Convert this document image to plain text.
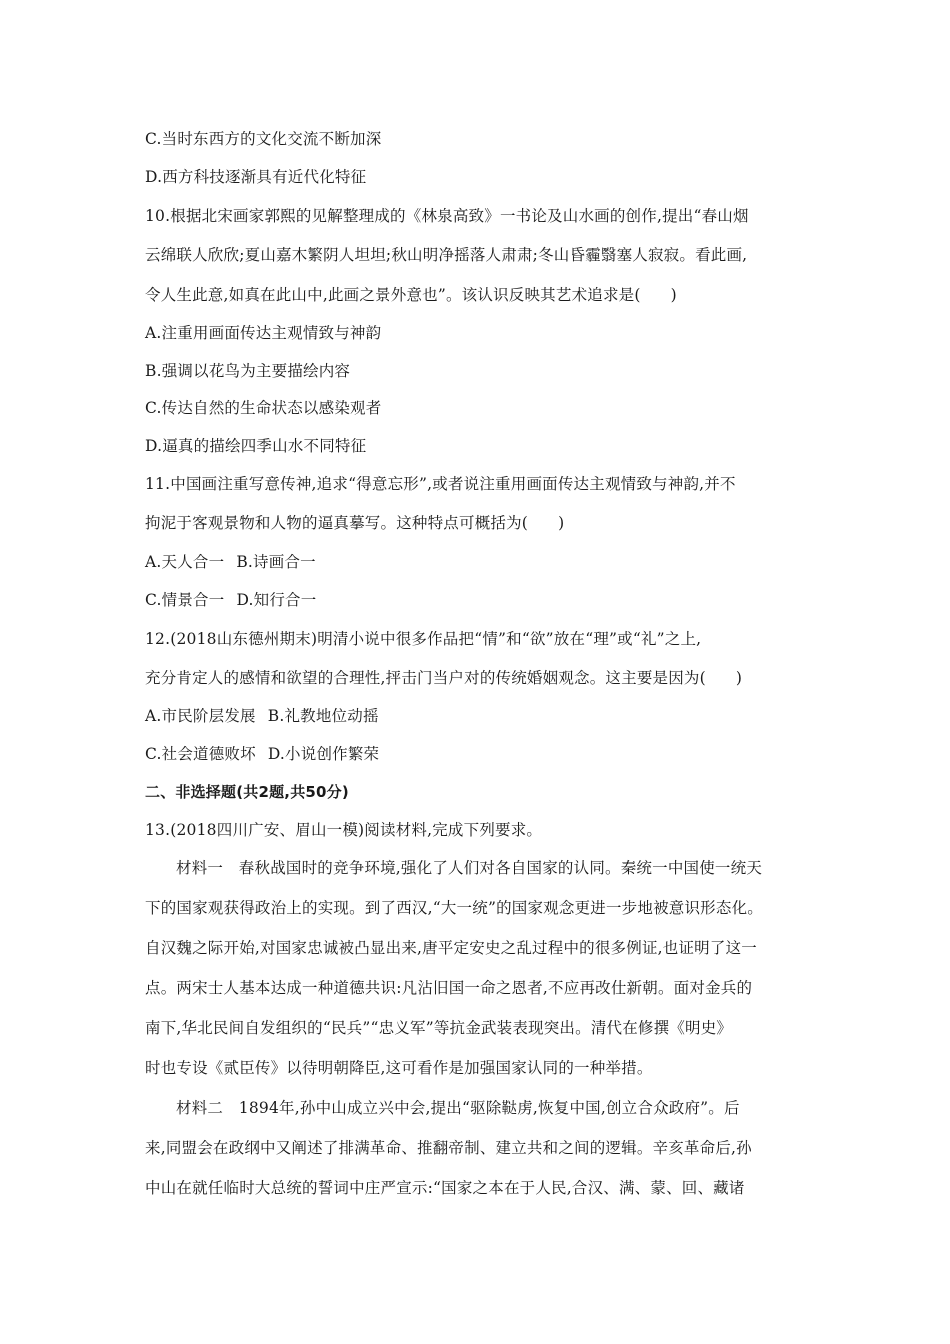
C.当时东西方的文化交流不断加深
D.西方科技逐渐具有近代化特征
10.根据北宋画家郭熙的见解整理成的《林泉高致》一书论及山水画的创作,提出“春山烟
云绵联人欣欣;夏山嘉木繁阴人坦坦;秋山明净摇落人肃肃;冬山昏霾翳塞人寂寂。看此画,
令人生此意,如真在此山中,此画之景外意也”。该认识反映其艺术追求是( )
A.注重用画面传达主观情致与神韵
B.强调以花鸟为主要描绘内容
C.传达自然的生命状态以感染观者
D.逼真的描绘四季山水不同特征
11.中国画注重写意传神,追求“得意忘形”,或者说注重用画面传达主观情致与神韵,并不
拘泥于客观景物和人物的逼真摹写。这种特点可概括为( )
A.天人合一 B.诗画合一
C.情景合一 D.知行合一
12.(2018山东德州期末)明清小说中很多作品把“情”和“欲”放在“理”或“礼”之上,
充分肯定人的感情和欲望的合理性,抨击门当户对的传统婚姻观念。这主要是因为( )
A.市民阶层发展 B.礼教地位动摇
C.社会道德败坏 D.小说创作繁荣
二、非选择题(共2题,共50分)
13.(2018四川广安、眉山一模)阅读材料,完成下列要求。
材料一　春秋战国时的竞争环境,强化了人们对各自国家的认同。秦统一中国使一统天
下的国家观获得政治上的实现。到了西汉,“大一统”的国家观念更进一步地被意识形态化。
自汉魏之际开始,对国家忠诚被凸显出来,唐平定安史之乱过程中的很多例证,也证明了这一
点。两宋士人基本达成一种道德共识:凡沾旧国一命之恩者,不应再改仕新朝。面对金兵的
南下,华北民间自发组织的“民兵”“忠义军”等抗金武装表现突出。清代在修撰《明史》
时也专设《贰臣传》以待明朝降臣,这可看作是加强国家认同的一种举措。
材料二　1894年,孙中山成立兴中会,提出“驱除鞑虏,恢复中国,创立合众政府”。后
来,同盟会在政纲中又阐述了排满革命、推翻帝制、建立共和之间的逻辑。辛亥革命后,孙
中山在就任临时大总统的誓词中庄严宣示:“国家之本在于人民,合汉、满、蒙、回、藏诸
